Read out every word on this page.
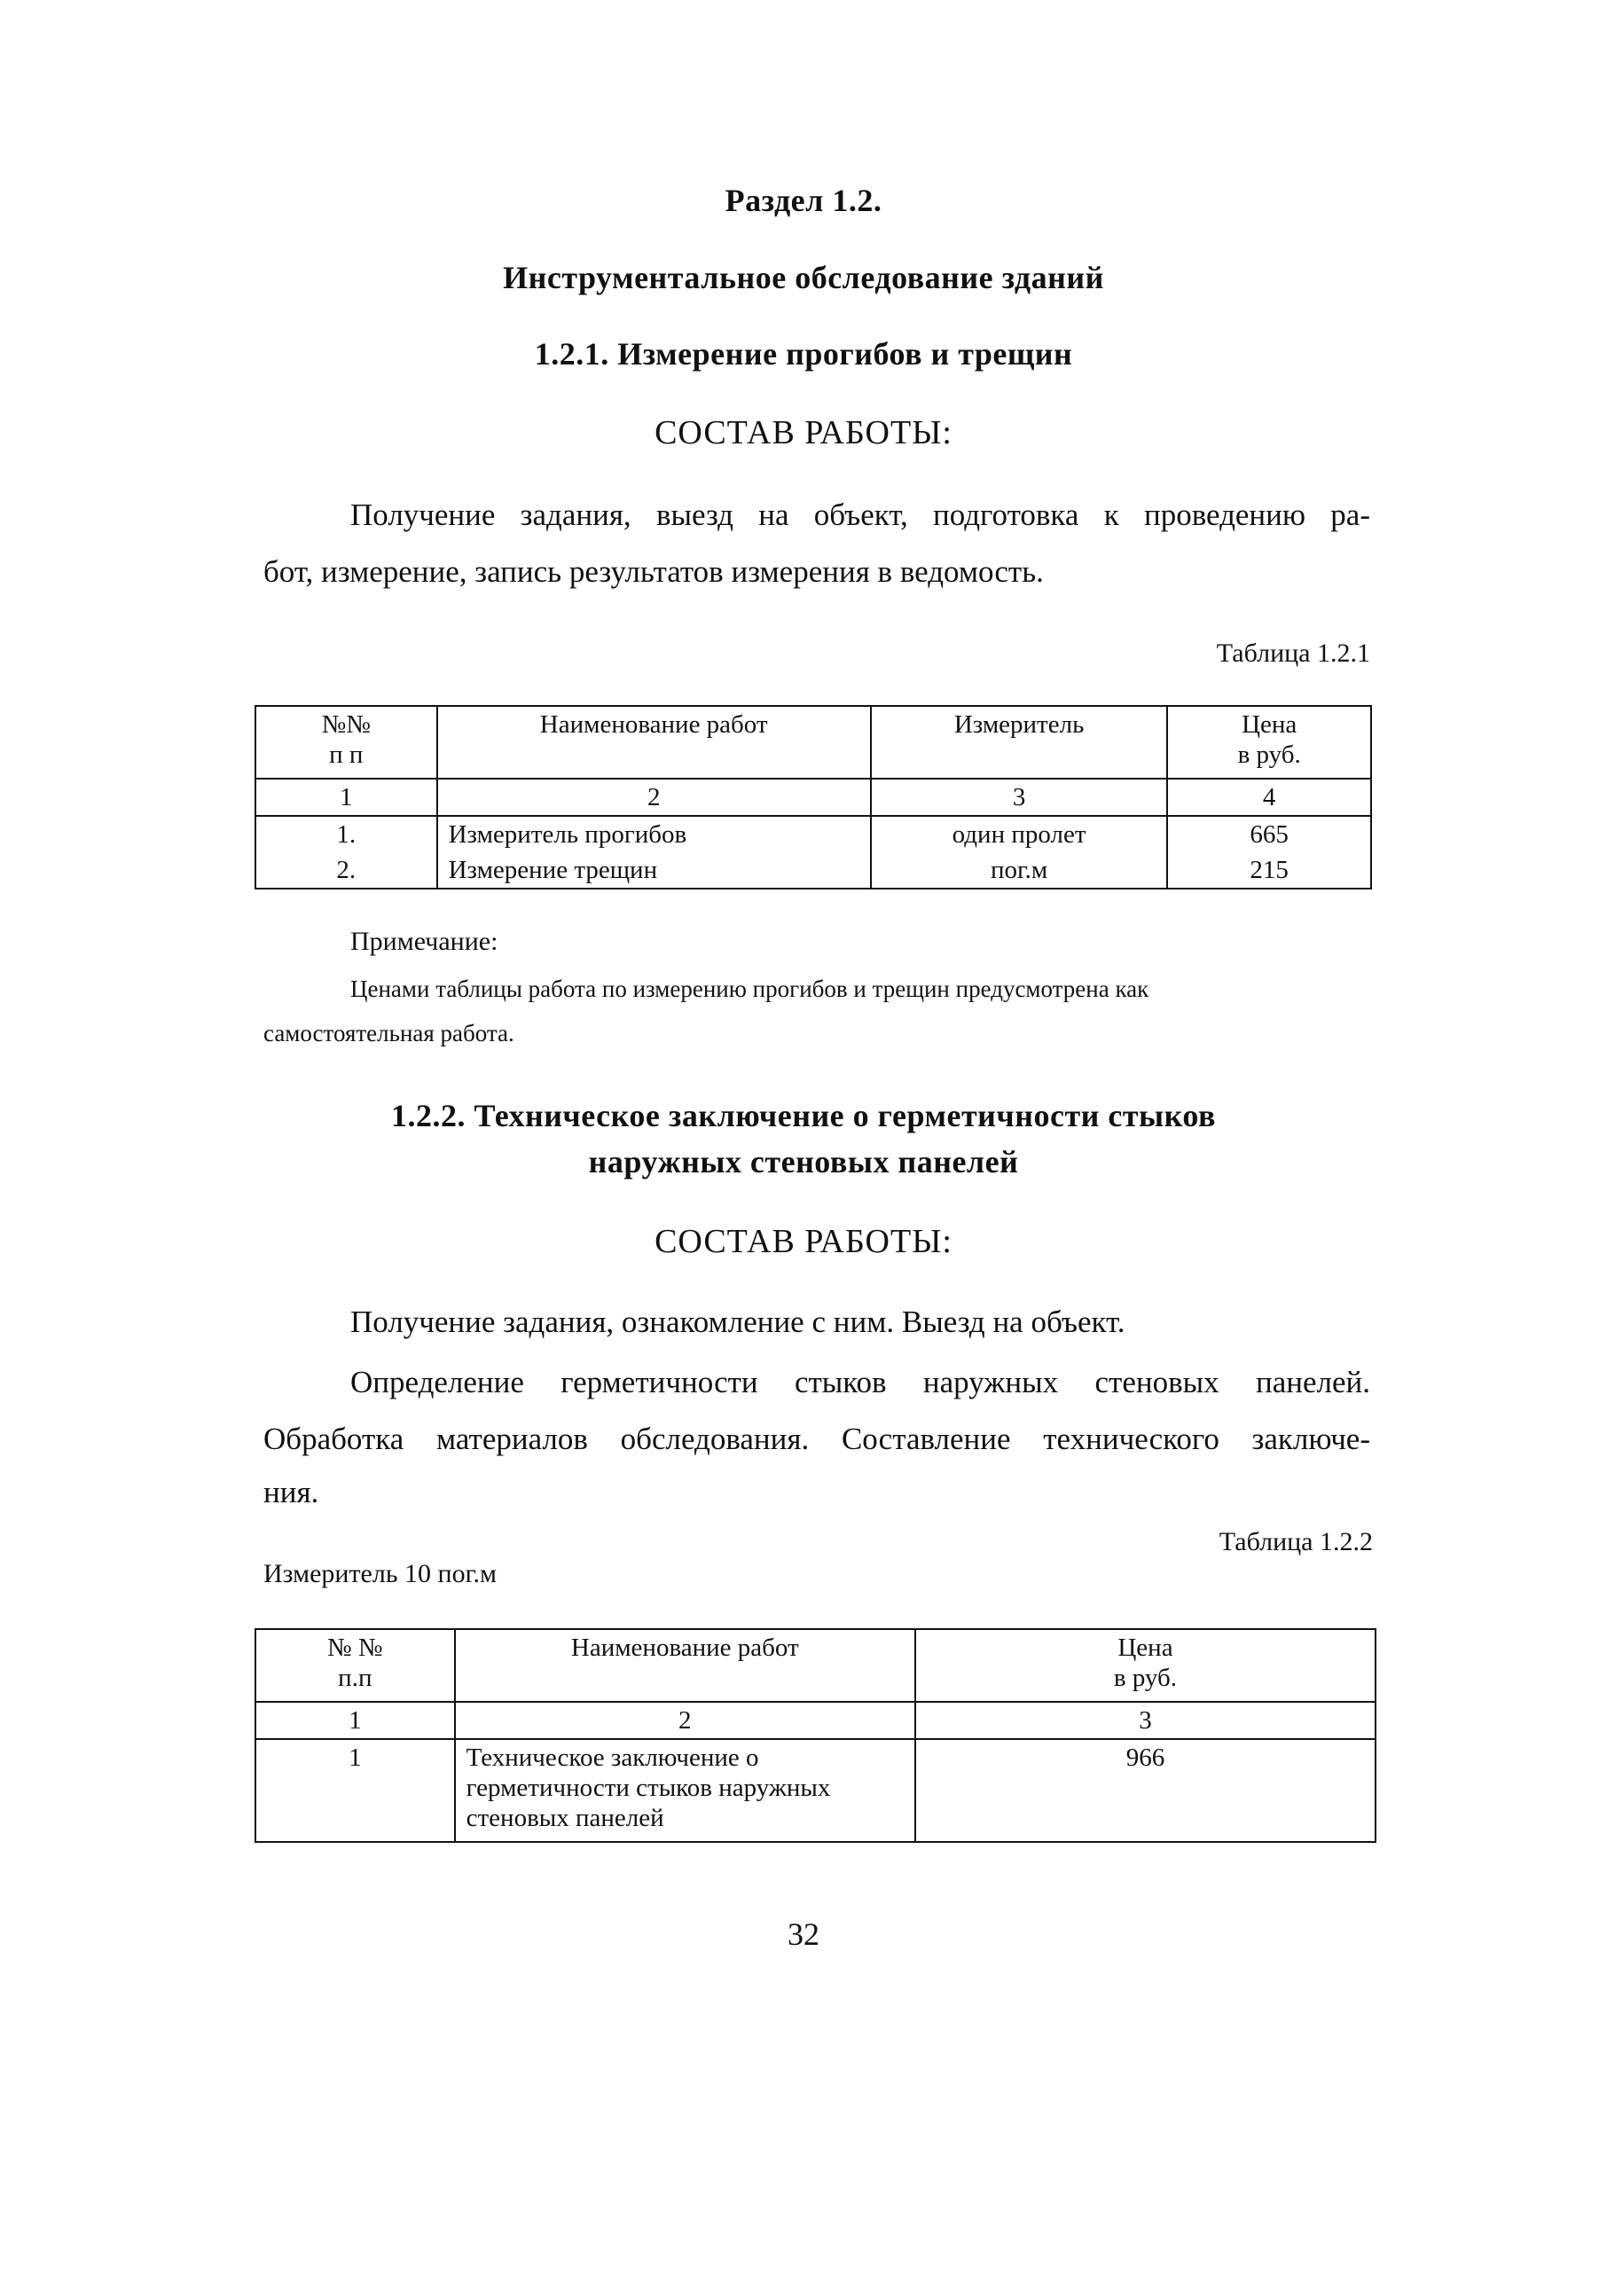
Раздел 1.2.
Инструментальное обследование зданий
1.2.1. Измерение прогибов и трещин
СОСТАВ РАБОТЫ:
Получение задания, выезд на объект, подготовка к проведению ра-
бот, измерение, запись результатов измерения в ведомость.
Таблица 1.2.1
№№
п п	Наименование работ	Измеритель	Цена
в руб.
1	2	3	4
1.	Измеритель прогибов	один пролет	665
2.	Измерение трещин	пог.м	215
Примечание:
Ценами таблицы работа по измерению прогибов и трещин предусмотрена как
самостоятельная работа.
1.2.2. Техническое заключение о герметичности стыков
наружных стеновых панелей
СОСТАВ РАБОТЫ:
Получение задания, ознакомление с ним. Выезд на объект.
Определение герметичности стыков наружных стеновых панелей.
Обработка материалов обследования. Составление технического заключе-
ния.
Таблица 1.2.2
Измеритель 10 пог.м
№ №
п.п	Наименование работ	Цена
в руб.
1	2	3
1	Техническое заключение о герметичности стыков наружных стеновых панелей	966
32
